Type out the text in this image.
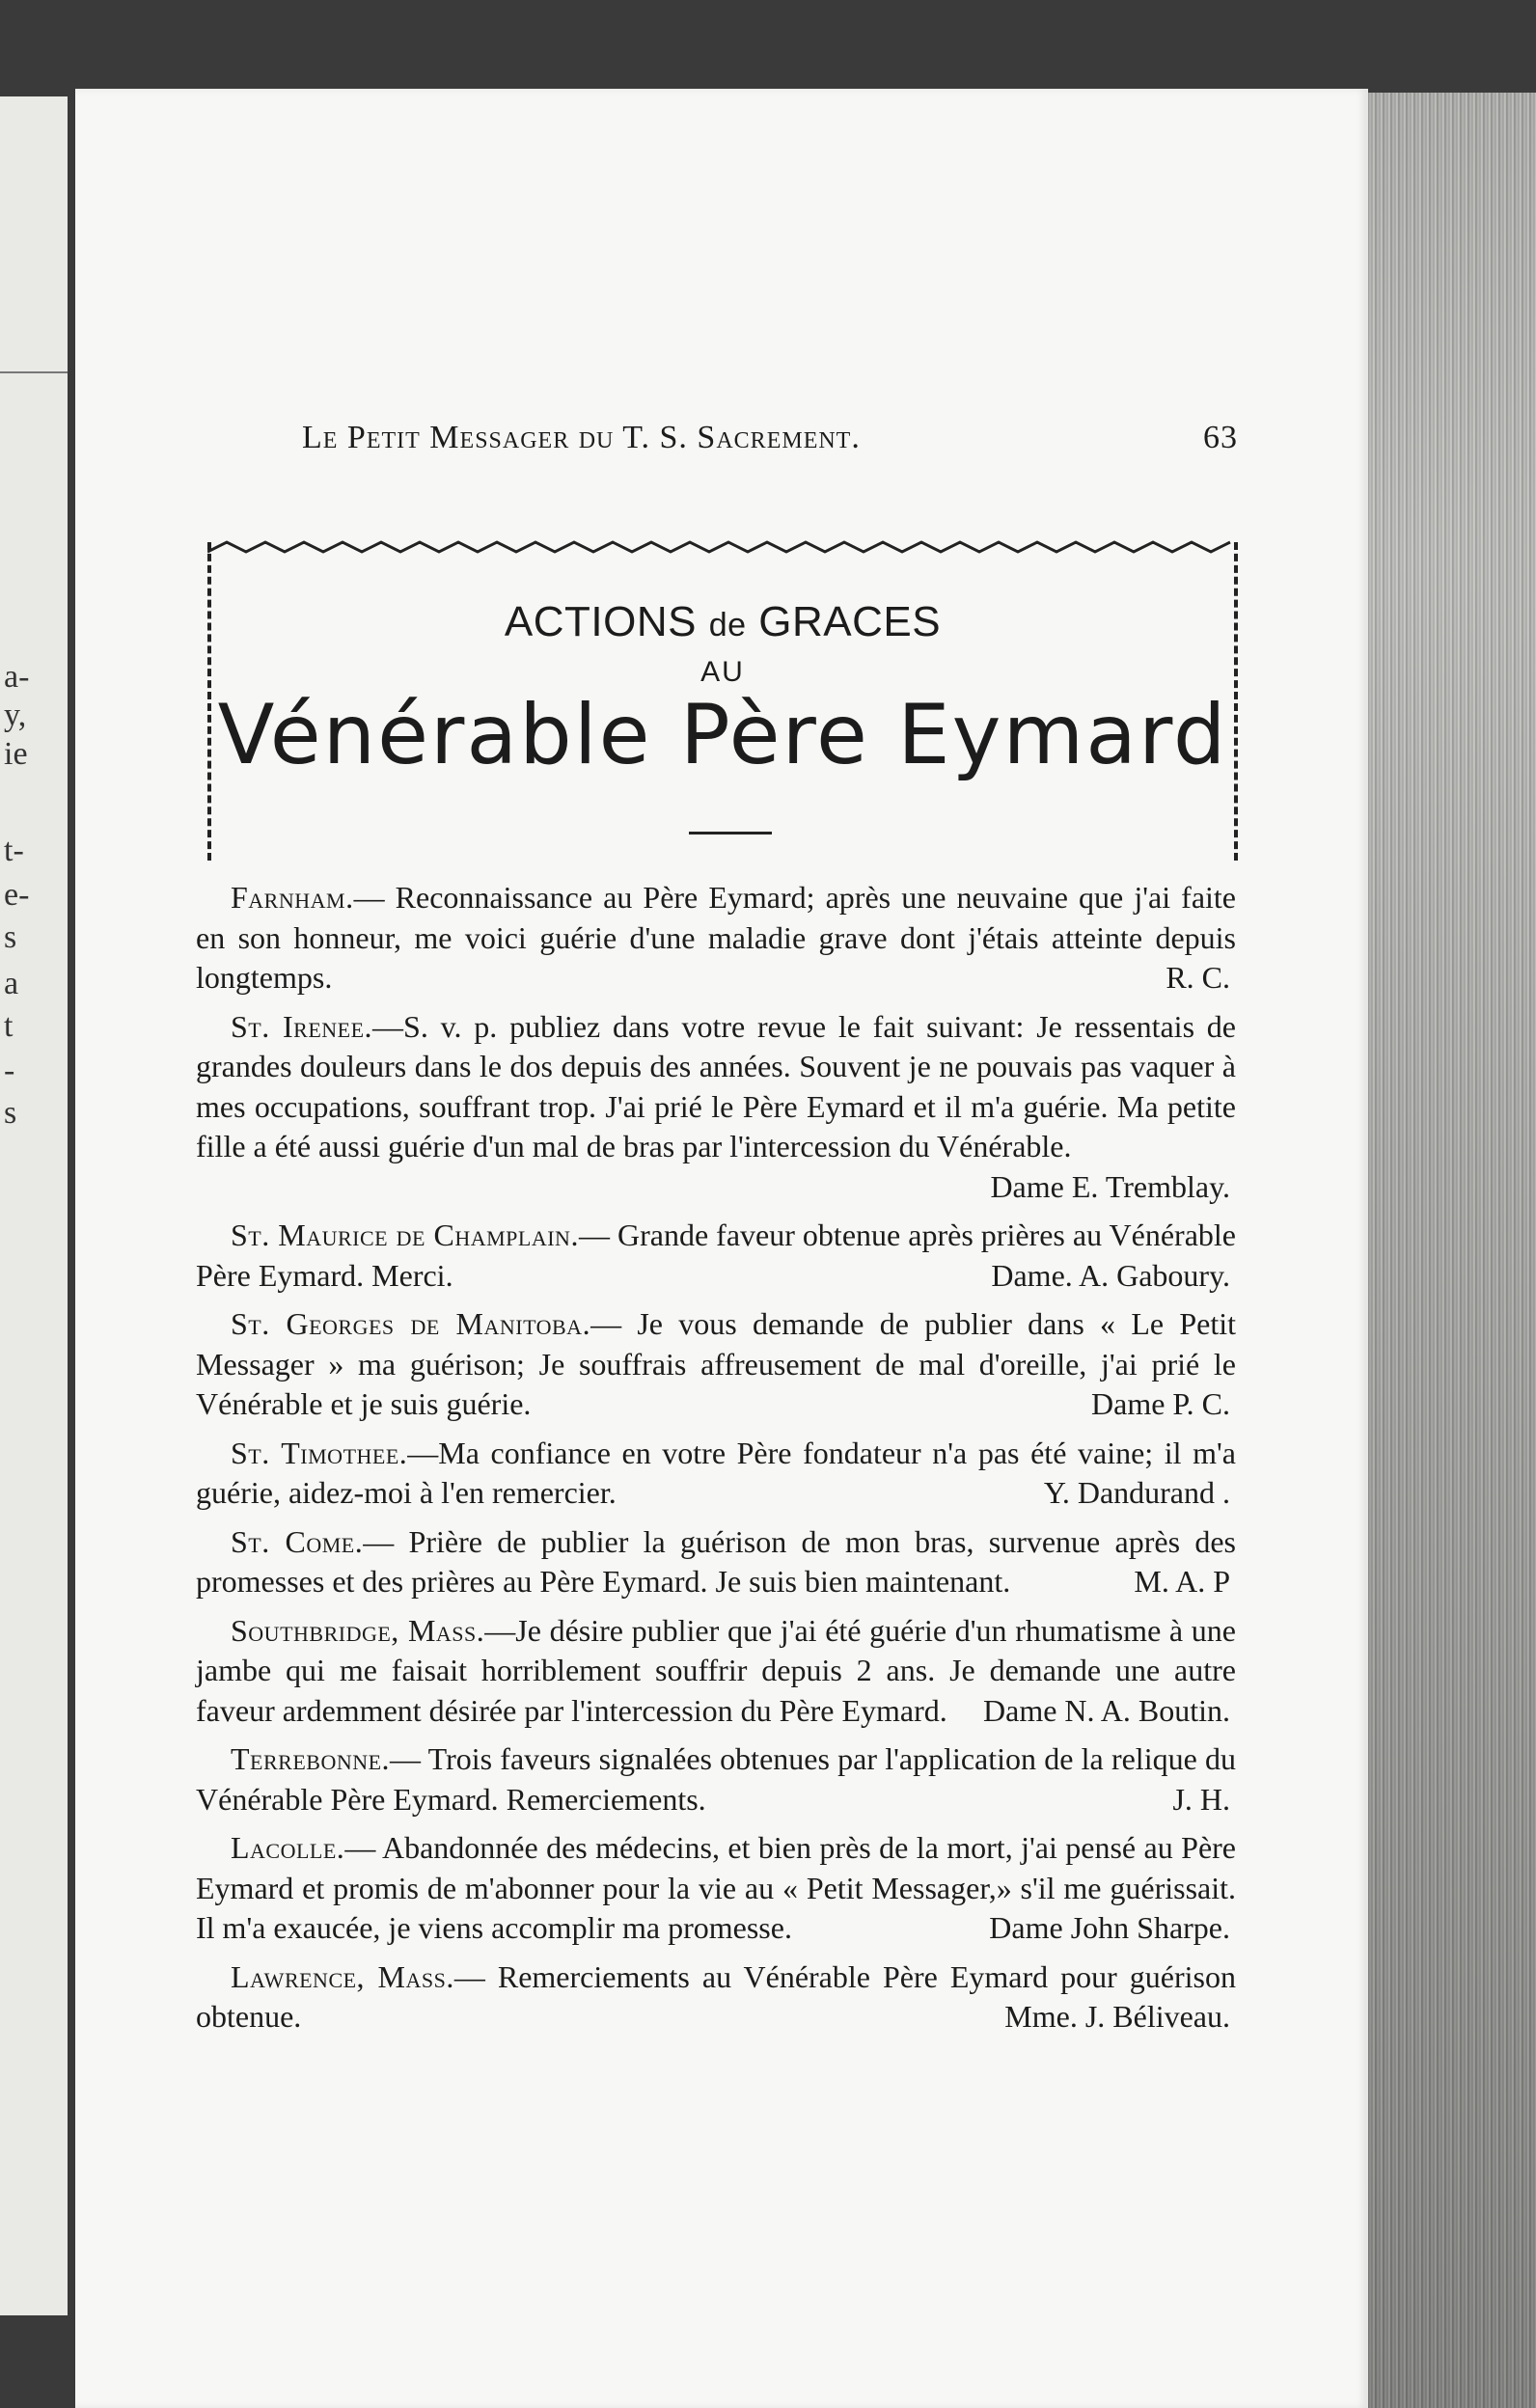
a-
y,
ie
t-
e-
s
a
t
-
s
Le Petit Messager du T. S. Sacrement.	63
ACTIONS de GRACES
AU
Vénérable Père Eymard

Farnham.— Reconnaissance au Père Eymard; après une neuvaine que j'ai faite en son honneur, me voici guérie d'une maladie grave dont j'étais atteinte depuis longtemps.	R. C.

St. Irenee.—S. v. p. publiez dans votre revue le fait suivant: Je ressentais de grandes douleurs dans le dos depuis des années. Souvent je ne pouvais pas vaquer à mes occupations, souffrant trop. J'ai prié le Père Eymard et il m'a guérie. Ma petite fille a été aussi guérie d'un mal de bras par l'intercession du Vénérable.

Dame E. Tremblay.

St. Maurice de Champlain.— Grande faveur obtenue après prières au Vénérable Père Eymard. Merci.	Dame. A. Gaboury.

St. Georges de Manitoba.— Je vous demande de publier dans « Le Petit Messager » ma guérison; Je souffrais affreusement de mal d'oreille, j'ai prié le Vénérable et je suis guérie.	Dame P. C.

St. Timothee.—Ma confiance en votre Père fondateur n'a pas été vaine; il m'a guérie, aidez-moi à l'en remercier.	Y. Dandurand .

St. Come.— Prière de publier la guérison de mon bras, survenue après des promesses et des prières au Père Eymard. Je suis bien maintenant.	M. A. P

Southbridge, Mass.—Je désire publier que j'ai été guérie d'un rhumatisme à une jambe qui me faisait horriblement souffrir depuis 2 ans. Je demande une autre faveur ardemment désirée par l'intercession du Père Eymard.	Dame N. A. Boutin.

Terrebonne.— Trois faveurs signalées obtenues par l'application de la relique du Vénérable Père Eymard. Remerciements.	J. H.

Lacolle.— Abandonnée des médecins, et bien près de la mort, j'ai pensé au Père Eymard et promis de m'abonner pour la vie au « Petit Messager,» s'il me guérissait. Il m'a exaucée, je viens accomplir ma promesse.	Dame John Sharpe.

Lawrence, Mass.— Remerciements au Vénérable Père Eymard pour guérison obtenue.	Mme. J. Béliveau.
